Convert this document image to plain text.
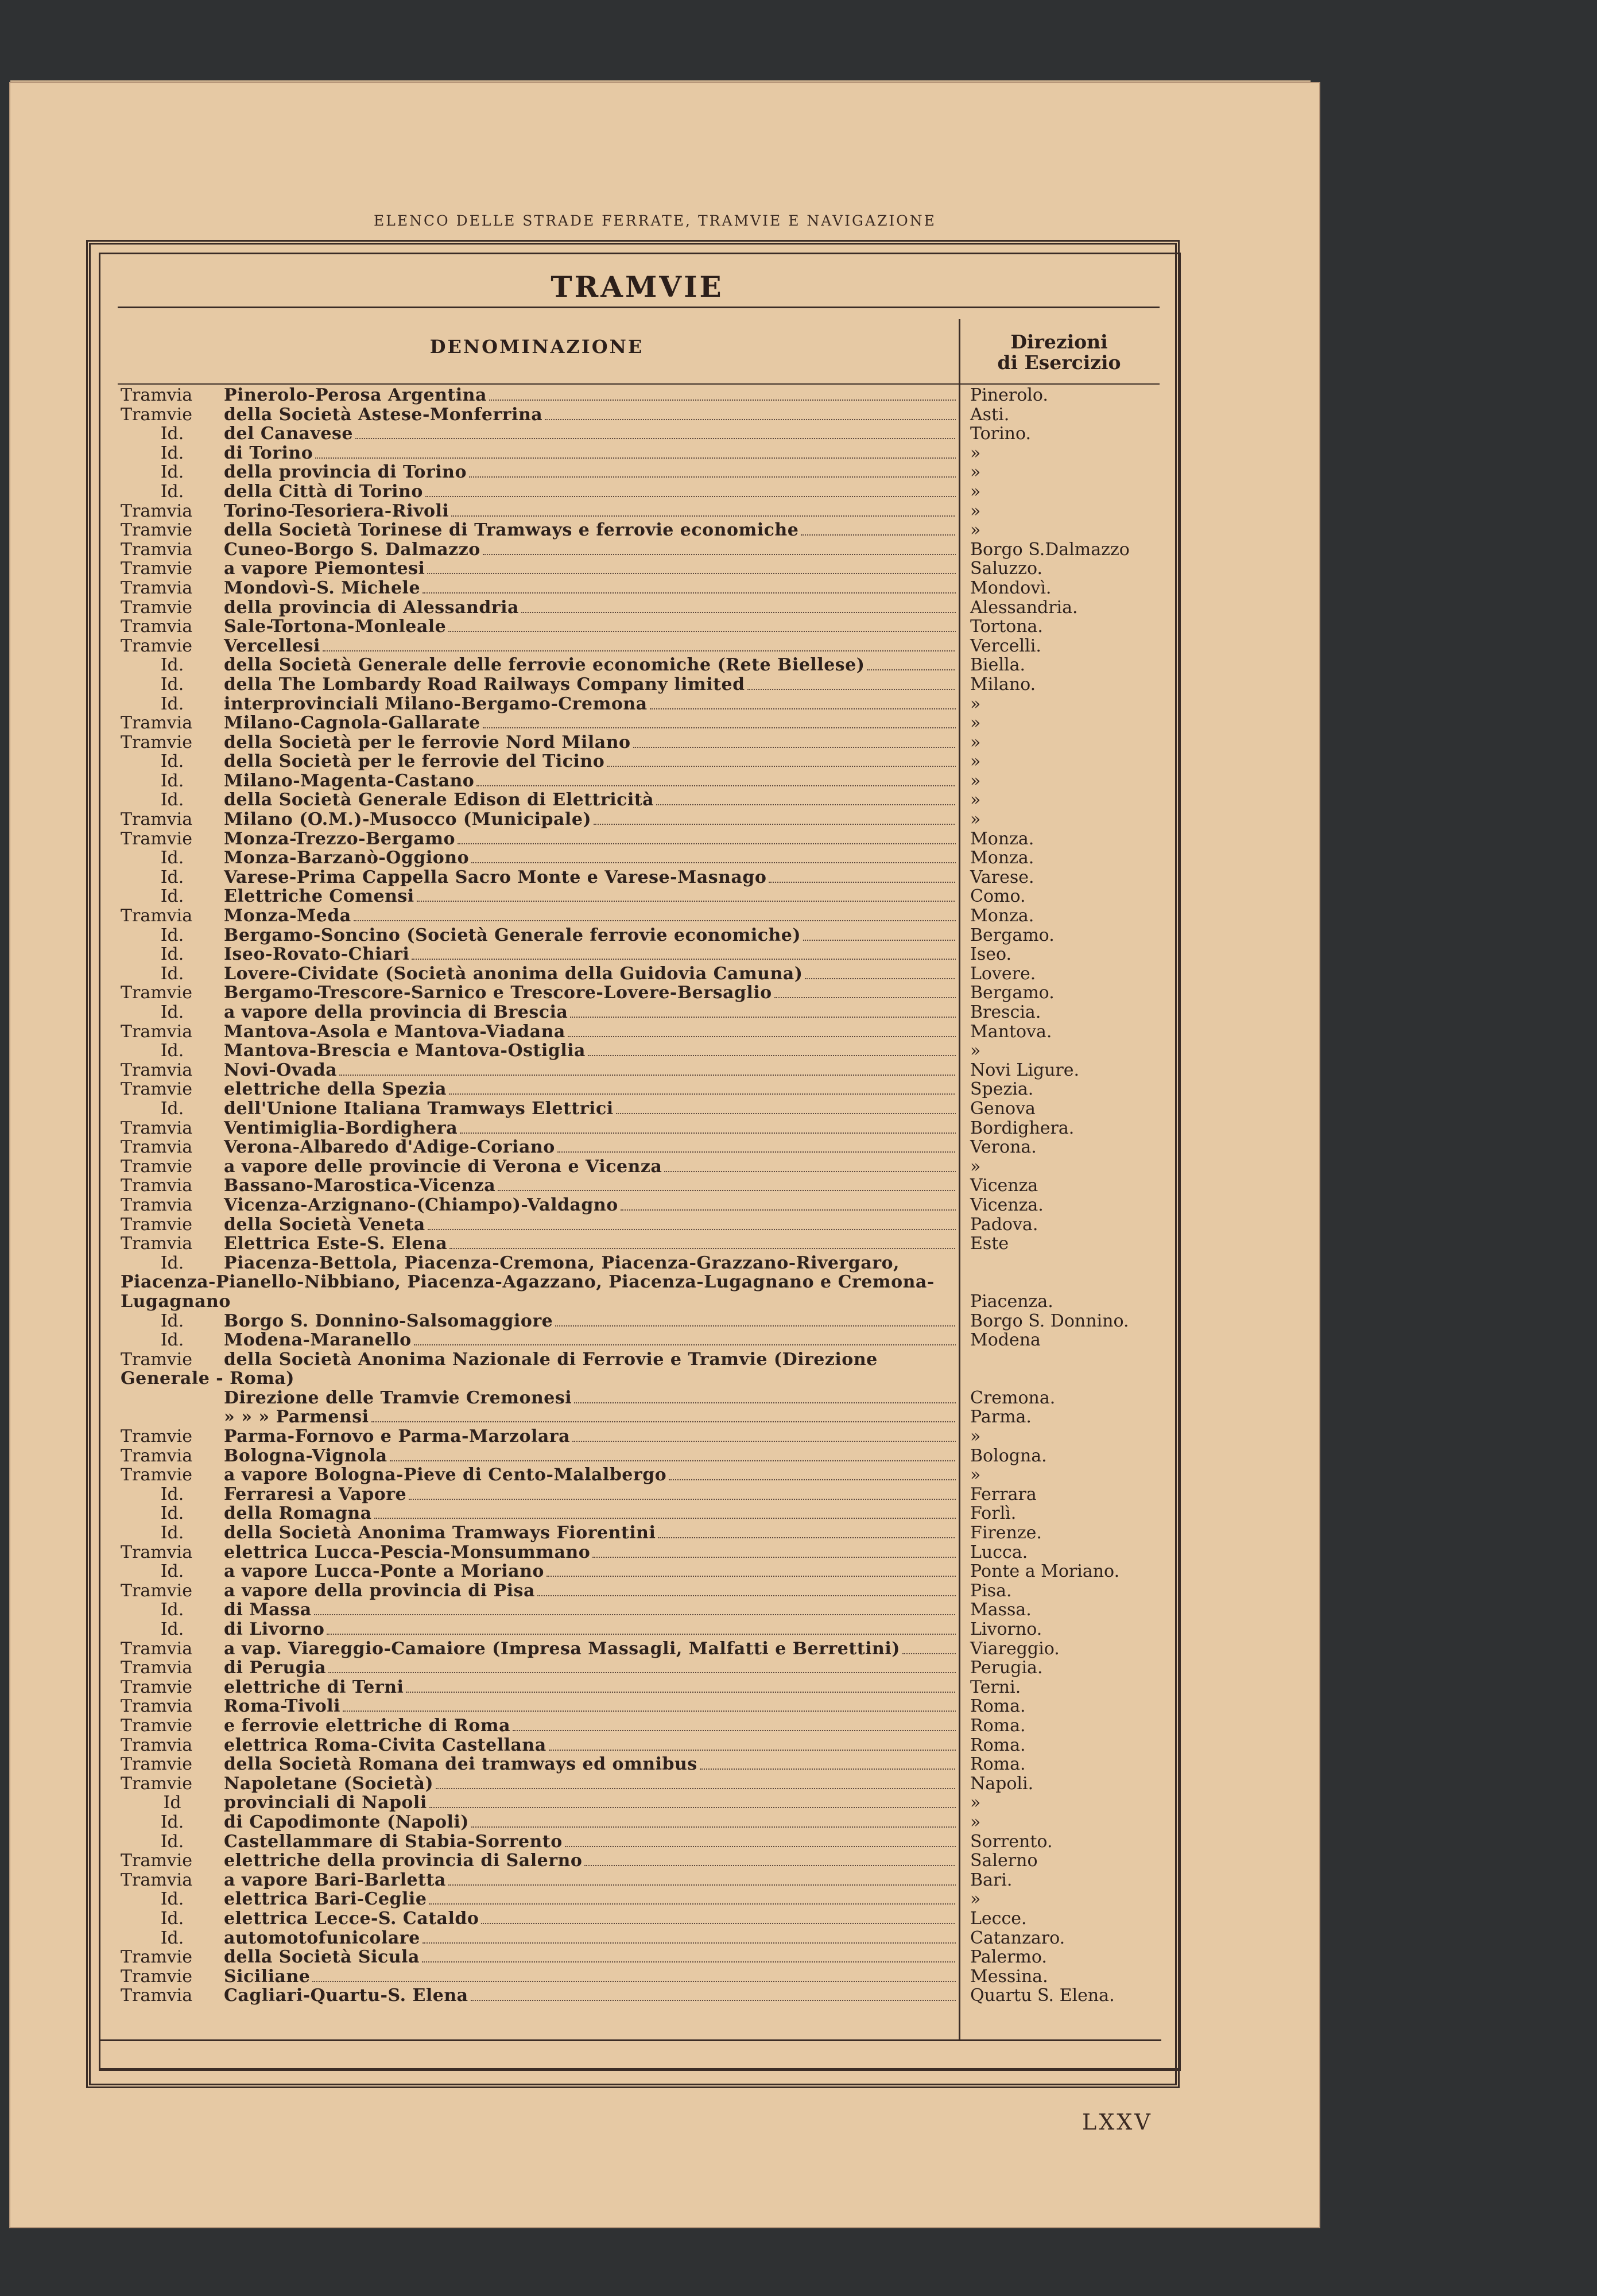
ELENCO DELLE STRADE FERRATE, TRAMVIE E NAVIGAZIONE
TRAMVIE
DENOMINAZIONE	Direzioni
di Esercizio
Tramvia Pinerolo-Perosa Argentina	Pinerolo.
Tramvie della Società Astese-Monferrina	Asti.
Id. del Canavese	Torino.
Id. di Torino	»
Id. della provincia di Torino	»
Id. della Città di Torino	»
Tramvia Torino-Tesoriera-Rivoli	»
Tramvie della Società Torinese di Tramways e ferrovie economiche	»
Tramvia Cuneo-Borgo S. Dalmazzo	Borgo S.Dalmazzo
Tramvie a vapore Piemontesi	Saluzzo.
Tramvia Mondovì-S. Michele	Mondovì.
Tramvie della provincia di Alessandria	Alessandria.
Tramvia Sale-Tortona-Monleale	Tortona.
Tramvie Vercellesi	Vercelli.
Id. della Società Generale delle ferrovie economiche (Rete Biellese)	Biella.
Id. della The Lombardy Road Railways Company limited	Milano.
Id. interprovinciali Milano-Bergamo-Cremona	»
Tramvia Milano-Cagnola-Gallarate	»
Tramvie della Società per le ferrovie Nord Milano	»
Id. della Società per le ferrovie del Ticino	»
Id. Milano-Magenta-Castano	»
Id. della Società Generale Edison di Elettricità	»
Tramvia Milano (O.M.)-Musocco (Municipale)	»
Tramvie Monza-Trezzo-Bergamo	Monza.
Id. Monza-Barzanò-Oggiono	Monza.
Id. Varese-Prima Cappella Sacro Monte e Varese-Masnago	Varese.
Id. Elettriche Comensi	Como.
Tramvia Monza-Meda	Monza.
Id. Bergamo-Soncino (Società Generale ferrovie economiche)	Bergamo.
Id. Iseo-Rovato-Chiari	Iseo.
Id. Lovere-Cividate (Società anonima della Guidovia Camuna)	Lovere.
Tramvie Bergamo-Trescore-Sarnico e Trescore-Lovere-Bersaglio	Bergamo.
Id. a vapore della provincia di Brescia	Brescia.
Tramvia Mantova-Asola e Mantova-Viadana	Mantova.
Id. Mantova-Brescia e Mantova-Ostiglia	»
Tramvia Novi-Ovada	Novi Ligure.
Tramvie elettriche della Spezia	Spezia.
Id. dell'Unione Italiana Tramways Elettrici	Genova
Tramvia Ventimiglia-Bordighera	Bordighera.
Tramvia Verona-Albaredo d'Adige-Coriano	Verona.
Tramvie a vapore delle provincie di Verona e Vicenza	»
Tramvia Bassano-Marostica-Vicenza	Vicenza
Tramvia Vicenza-Arzignano-(Chiampo)-Valdagno	Vicenza.
Tramvie della Società Veneta	Padova.
Tramvia Elettrica Este-S. Elena	Este
Id. Piacenza-Bettola, Piacenza-Cremona, Piacenza-Grazzano-Rivergaro, Piacenza-Pianello-Nibbiano, Piacenza-Agazzano, Piacenza-Lugagnano e Cremona-Lugagnano	Piacenza.
Id. Borgo S. Donnino-Salsomaggiore	Borgo S. Donnino.
Id. Modena-Maranello	Modena
Tramvie della Società Anonima Nazionale di Ferrovie e Tramvie (Direzione Generale - Roma)
Direzione delle Tramvie Cremonesi	Cremona.
» » » Parmensi	Parma.
Tramvie Parma-Fornovo e Parma-Marzolara	»
Tramvia Bologna-Vignola	Bologna.
Tramvie a vapore Bologna-Pieve di Cento-Malalbergo	»
Id. Ferraresi a Vapore	Ferrara
Id. della Romagna	Forlì.
Id. della Società Anonima Tramways Fiorentini	Firenze.
Tramvia elettrica Lucca-Pescia-Monsummano	Lucca.
Id. a vapore Lucca-Ponte a Moriano	Ponte a Moriano.
Tramvie a vapore della provincia di Pisa	Pisa.
Id. di Massa	Massa.
Id. di Livorno	Livorno.
Tramvia a vap. Viareggio-Camaiore (Impresa Massagli, Malfatti e Berrettini)	Viareggio.
Tramvia di Perugia	Perugia.
Tramvie elettriche di Terni	Terni.
Tramvia Roma-Tivoli	Roma.
Tramvie e ferrovie elettriche di Roma	Roma.
Tramvia elettrica Roma-Civita Castellana	Roma.
Tramvie della Società Romana dei tramways ed omnibus	Roma.
Tramvie Napoletane (Società)	Napoli.
Id provinciali di Napoli	»
Id. di Capodimonte (Napoli)	»
Id. Castellammare di Stabia-Sorrento	Sorrento.
Tramvie elettriche della provincia di Salerno	Salerno
Tramvia a vapore Bari-Barletta	Bari.
Id. elettrica Bari-Ceglie	»
Id. elettrica Lecce-S. Cataldo	Lecce.
Id. automotofunicolare	Catanzaro.
Tramvie della Società Sicula	Palermo.
Tramvie Siciliane	Messina.
Tramvia Cagliari-Quartu-S. Elena	Quartu S. Elena.
LXXV
